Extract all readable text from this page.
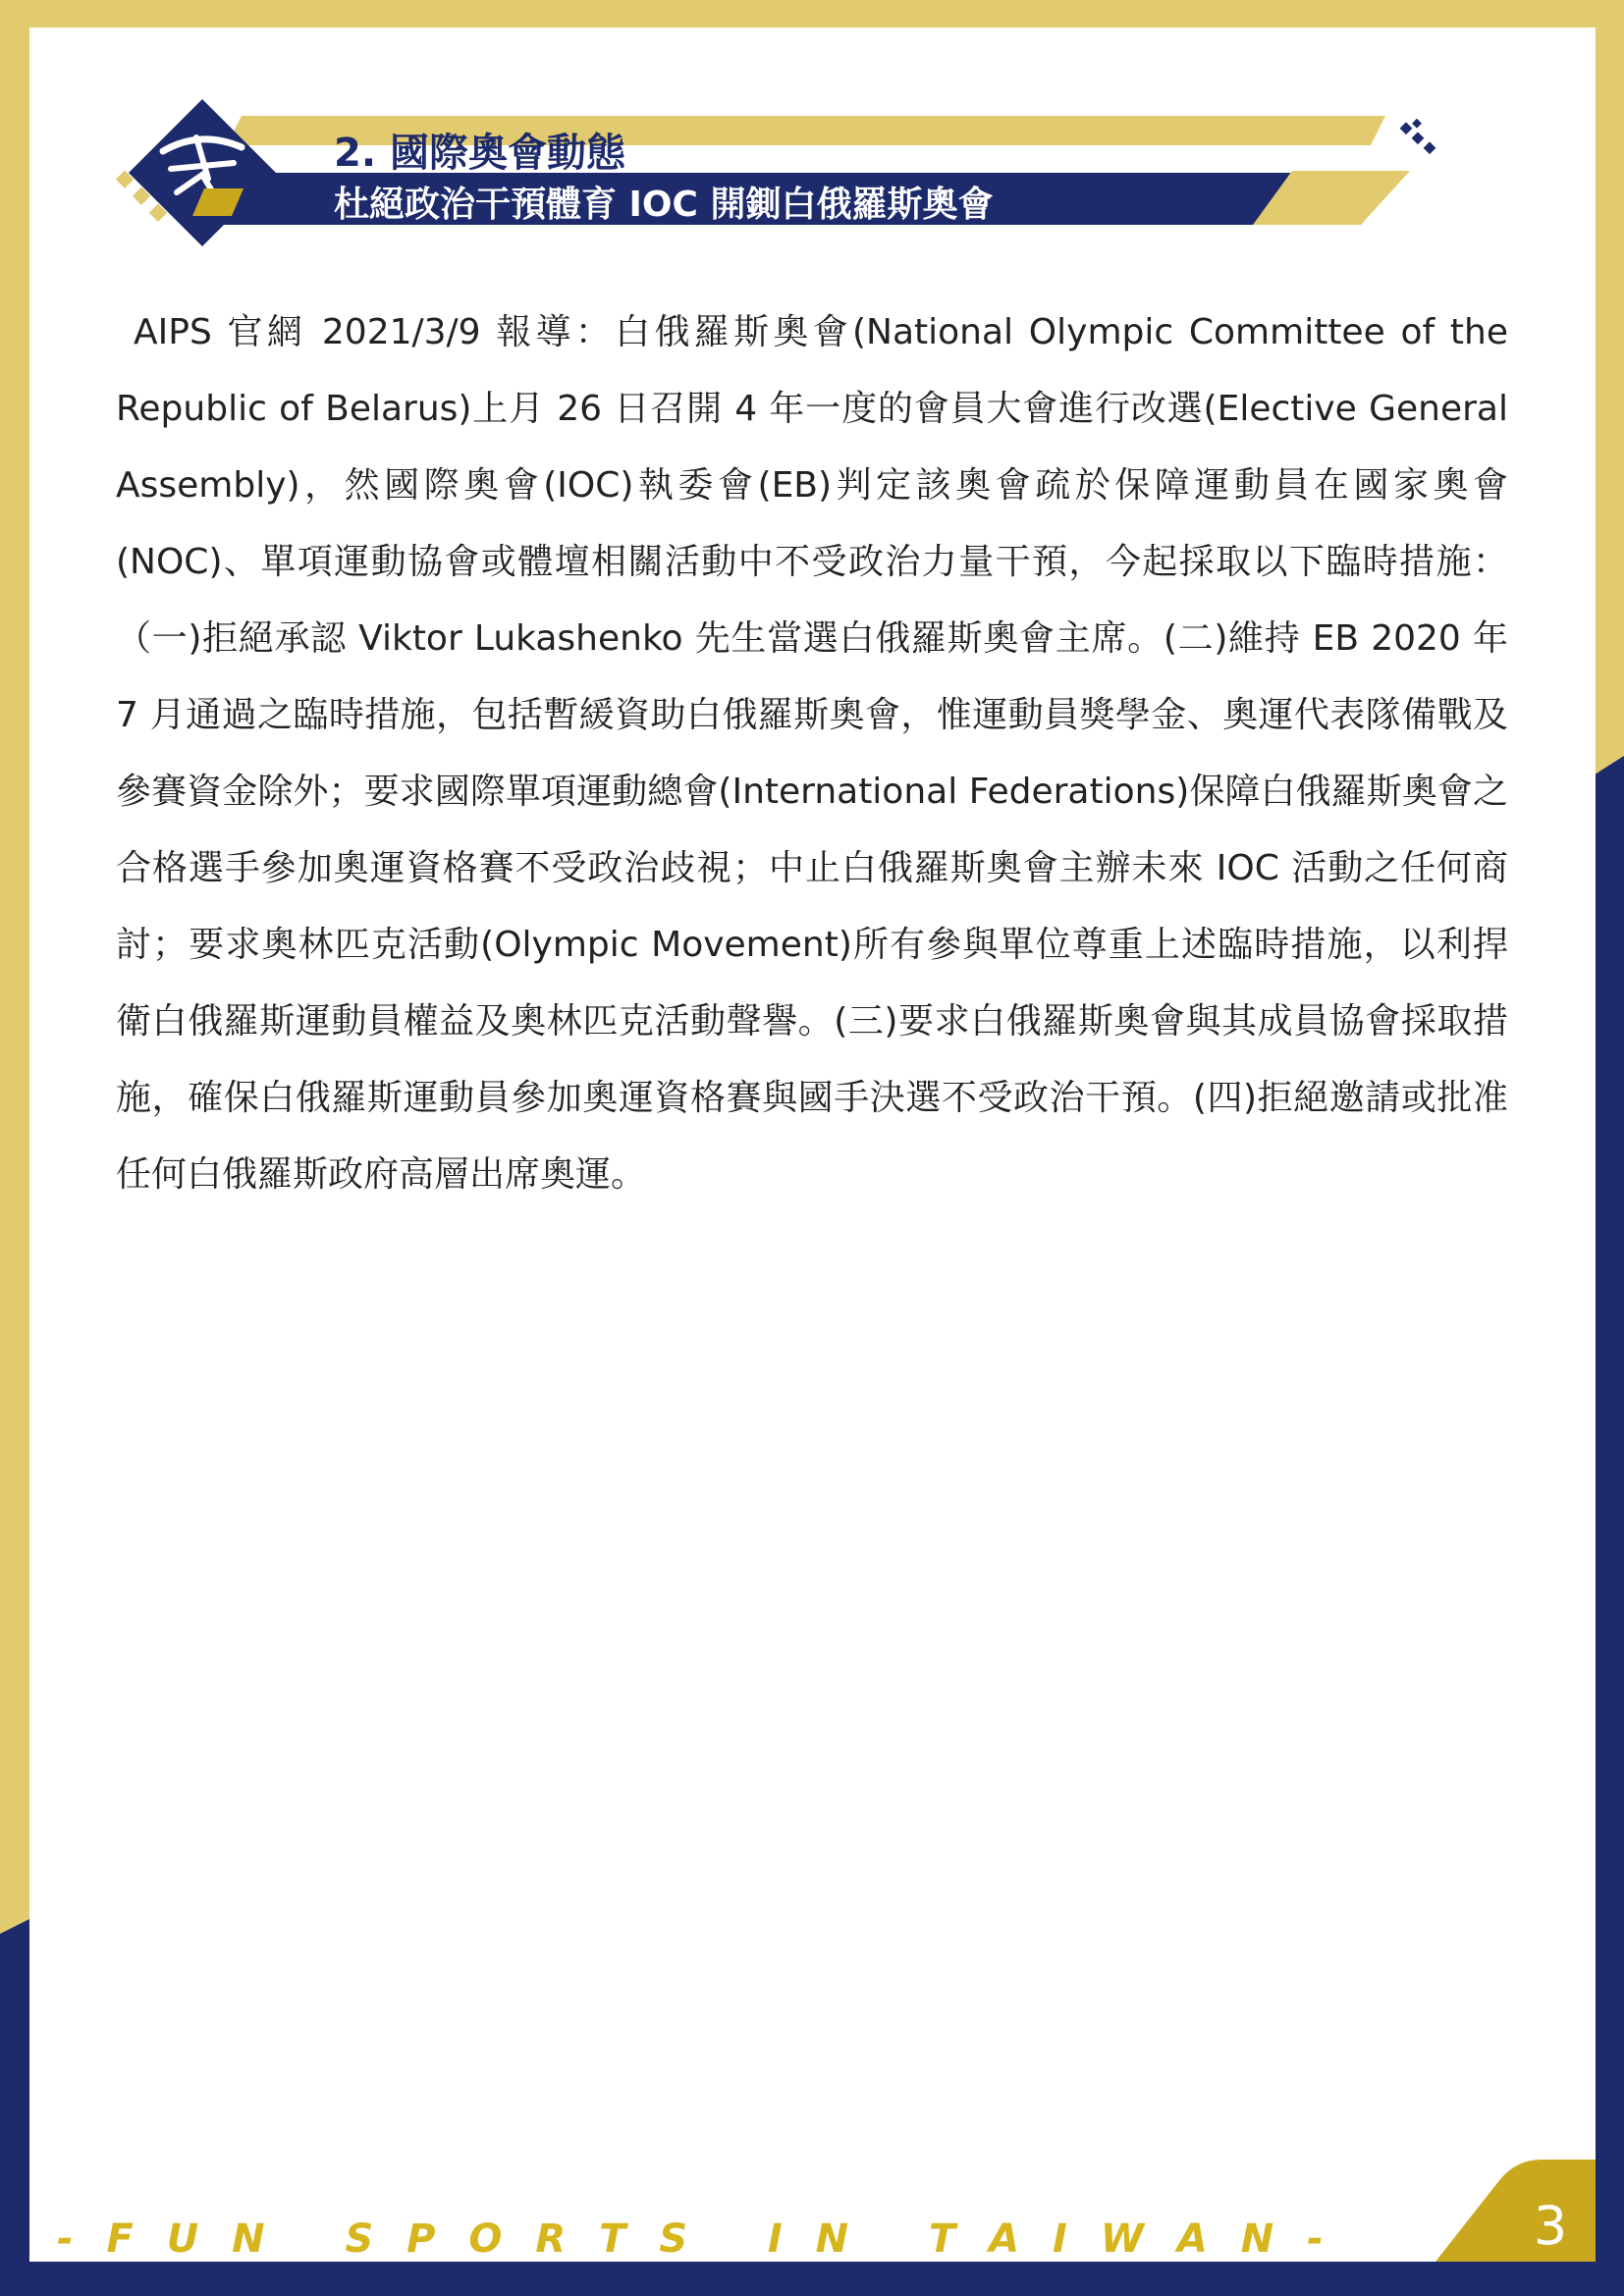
2. 國際奧會動態
杜絕政治干預體育 IOC 開鍘白俄羅斯奧會

AIPS 官網 2021/3/9 報導：白俄羅斯奧會(National Olympic Committee of the Republic of Belarus)上月 26 日召開 4 年一度的會員大會進行改選(Elective General Assembly)，然國際奧會(IOC)執委會(EB)判定該奧會疏於保障運動員在國家奧會(NOC)、單項運動協會或體壇相關活動中不受政治力量干預，今起採取以下臨時措施：（一)拒絕承認 Viktor Lukashenko 先生當選白俄羅斯奧會主席。(二)維持 EB 2020 年 7 月通過之臨時措施，包括暫緩資助白俄羅斯奧會，惟運動員獎學金、奧運代表隊備戰及參賽資金除外；要求國際單項運動總會(International Federations)保障白俄羅斯奧會之合格選手參加奧運資格賽不受政治歧視；中止白俄羅斯奧會主辦未來 IOC 活動之任何商討；要求奧林匹克活動(Olympic Movement)所有參與單位尊重上述臨時措施，以利捍衛白俄羅斯運動員權益及奧林匹克活動聲譽。(三)要求白俄羅斯奧會與其成員協會採取措施，確保白俄羅斯運動員參加奧運資格賽與國手決選不受政治干預。(四)拒絕邀請或批准任何白俄羅斯政府高層出席奧運。

- F U N   S P O R T S   I N   T A I W A N -	3
